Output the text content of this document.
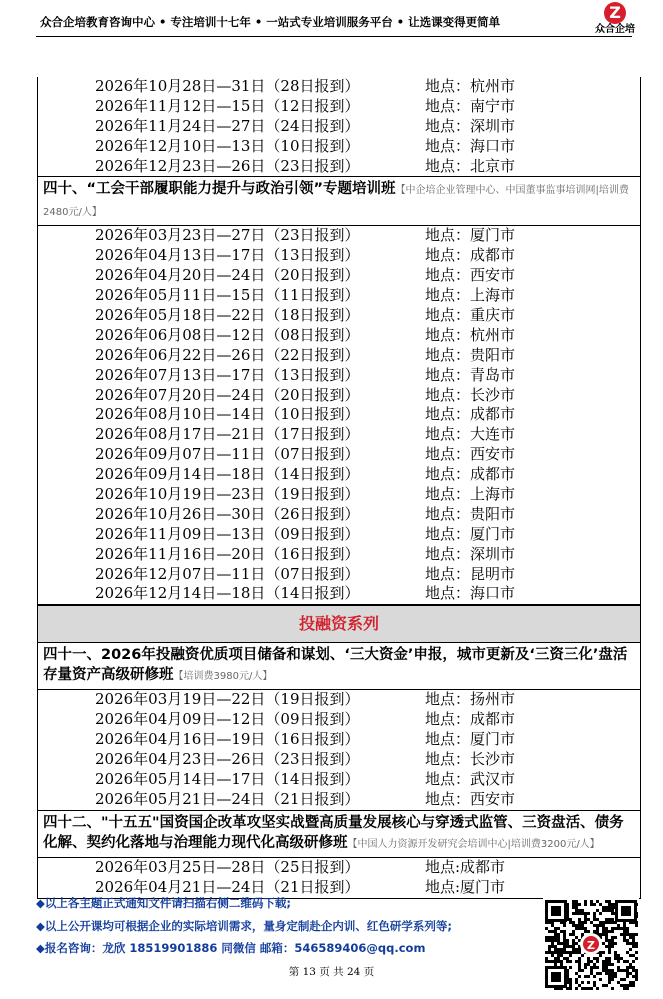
众合企培教育咨询中心 • 专注培训十七年 • 一站式专业培训服务平台 • 让选课变得更简单	Z
众合企培
2026年10月28日—31日（28日报到）	地点：杭州市
2026年11月12日—15日（12日报到）	地点：南宁市
2026年11月24日—27日（24日报到）	地点：深圳市
2026年12月10日—13日（10日报到）	地点：海口市
2026年12月23日—26日（23日报到）	地点：北京市
四十、“工会干部履职能力提升与政治引领”专题培训班【中企培企业管理中心、中国董事监事培训网|培训费2480元/人】
2026年03月23日—27日（23日报到）	地点：厦门市
2026年04月13日—17日（13日报到）	地点：成都市
2026年04月20日—24日（20日报到）	地点：西安市
2026年05月11日—15日（11日报到）	地点：上海市
2026年05月18日—22日（18日报到）	地点：重庆市
2026年06月08日—12日（08日报到）	地点：杭州市
2026年06月22日—26日（22日报到）	地点：贵阳市
2026年07月13日—17日（13日报到）	地点：青岛市
2026年07月20日—24日（20日报到）	地点：长沙市
2026年08月10日—14日（10日报到）	地点：成都市
2026年08月17日—21日（17日报到）	地点：大连市
2026年09月07日—11日（07日报到）	地点：西安市
2026年09月14日—18日（14日报到）	地点：成都市
2026年10月19日—23日（19日报到）	地点：上海市
2026年10月26日—30日（26日报到）	地点：贵阳市
2026年11月09日—13日（09日报到）	地点：厦门市
2026年11月16日—20日（16日报到）	地点：深圳市
2026年12月07日—11日（07日报到）	地点：昆明市
2026年12月14日—18日（14日报到）	地点：海口市
投融资系列
四十一、2026年投融资优质项目储备和谋划、‘三大资金’申报，城市更新及‘三资三化’盘活存量资产高级研修班【培训费3980元/人】
2026年03月19日—22日（19日报到）	地点：扬州市
2026年04月09日—12日（09日报到）	地点：成都市
2026年04月16日—19日（16日报到）	地点：厦门市
2026年04月23日—26日（23日报到）	地点：长沙市
2026年05月14日—17日（14日报到）	地点：武汉市
2026年05月21日—24日（21日报到）	地点：西安市
四十二、"十五五"国资国企改革攻坚实战暨高质量发展核心与穿透式监管、三资盘活、债务化解、契约化落地与治理能力现代化高级研修班【中国人力资源开发研究会培训中心|培训费3200元/人】
2026年03月25日—28日（25日报到）	地点:成都市
2026年04月21日—24日（21日报到）	地点:厦门市
◆以上各主题正式通知文件请扫描右侧二维码下载;
◆以上公开课均可根据企业的实际培训需求，量身定制赴企内训、红色研学系列等;
◆报名咨询：龙欣 18519901886 同微信 邮箱：546589406@qq.com	Z
第 13 页 共 24 页
